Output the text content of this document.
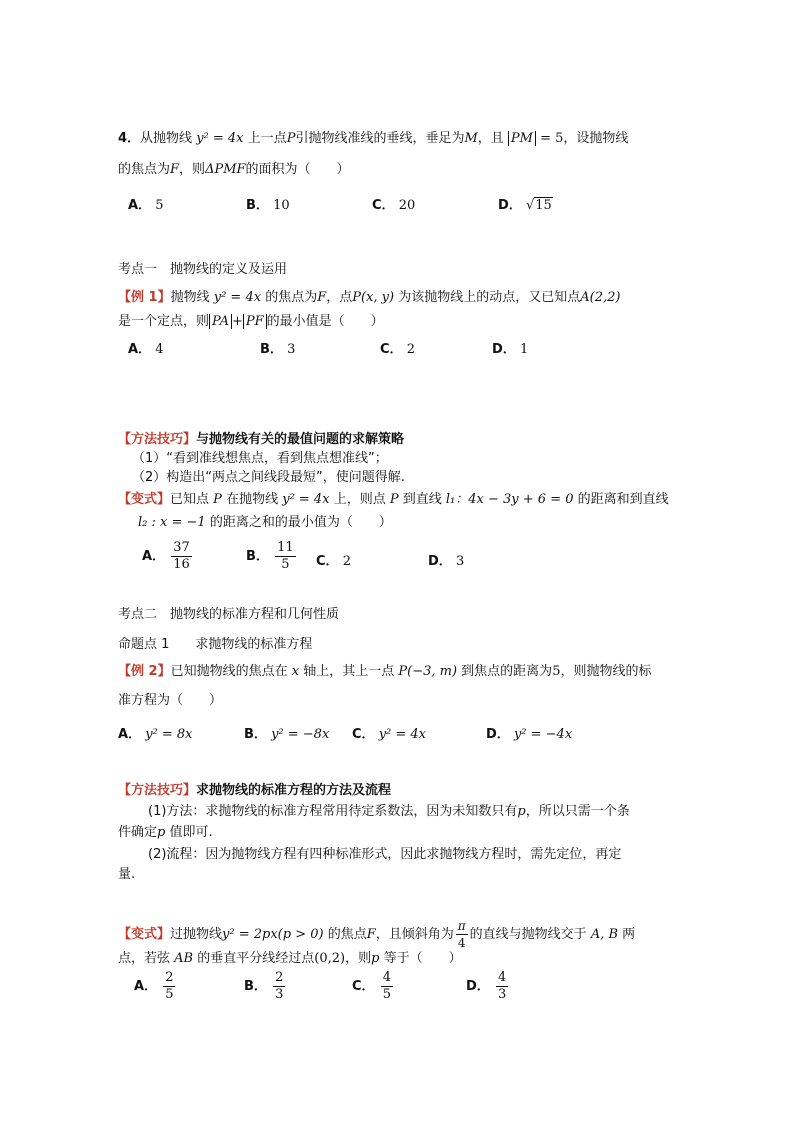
4．从抛物线 y² = 4x 上一点P引抛物线准线的垂线，垂足为M，且 PM = 5，设抛物线
的焦点为F，则ΔPMF的面积为（　　）
A． 5	B． 10	C． 20	D． √15
考点一　抛物线的定义及运用
【例 1】抛物线 y² = 4x 的焦点为F，点P(x, y) 为该抛物线上的动点，又已知点A(2,2)
是一个定点，则 PA + PF 的最小值是（　　）
A． 4	B． 3	C． 2	D． 1
【方法技巧】与抛物线有关的最值问题的求解策略
（1）“看到准线想焦点，看到焦点想准线”；
（2）构造出“两点之间线段最短”，使问题得解.
【变式】已知点 P 在抛物线 y² = 4x 上，则点 P 到直线 l₁：4x − 3y + 6 = 0 的距离和到直线
l₂ : x = −1 的距离之和的最小值为（　　）
A． $\frac{37}{16}$	B． $\frac{11}{5}$ C． 2	D． 3
考点二　抛物线的标准方程和几何性质
命题点 1　　求抛物线的标准方程
【例 2】已知抛物线的焦点在 x 轴上，其上一点 P(−3, m) 到焦点的距离为5，则抛物线的标
准方程为（　　）
A． y² = 8x	B． y² = −8x C． y² = 4x	D． y² = −4x
【方法技巧】求抛物线的标准方程的方法及流程
(1)方法：求抛物线的标准方程常用待定系数法，因为未知数只有p，所以只需一个条
件确定p 值即可.
(2)流程：因为抛物线方程有四种标准形式，因此求抛物线方程时，需先定位，再定
量.
【变式】过抛物线y² = 2px(p > 0) 的焦点F，且倾斜角为 $\frac{\pi}{4}$ 的直线与抛物线交于 A, B 两
点，若弦 AB 的垂直平分线经过点(0,2)，则p 等于（　　）
A． $\frac{2}{5}$	B． $\frac{2}{3}$	C． $\frac{4}{5}$	D． $\frac{4}{3}$
